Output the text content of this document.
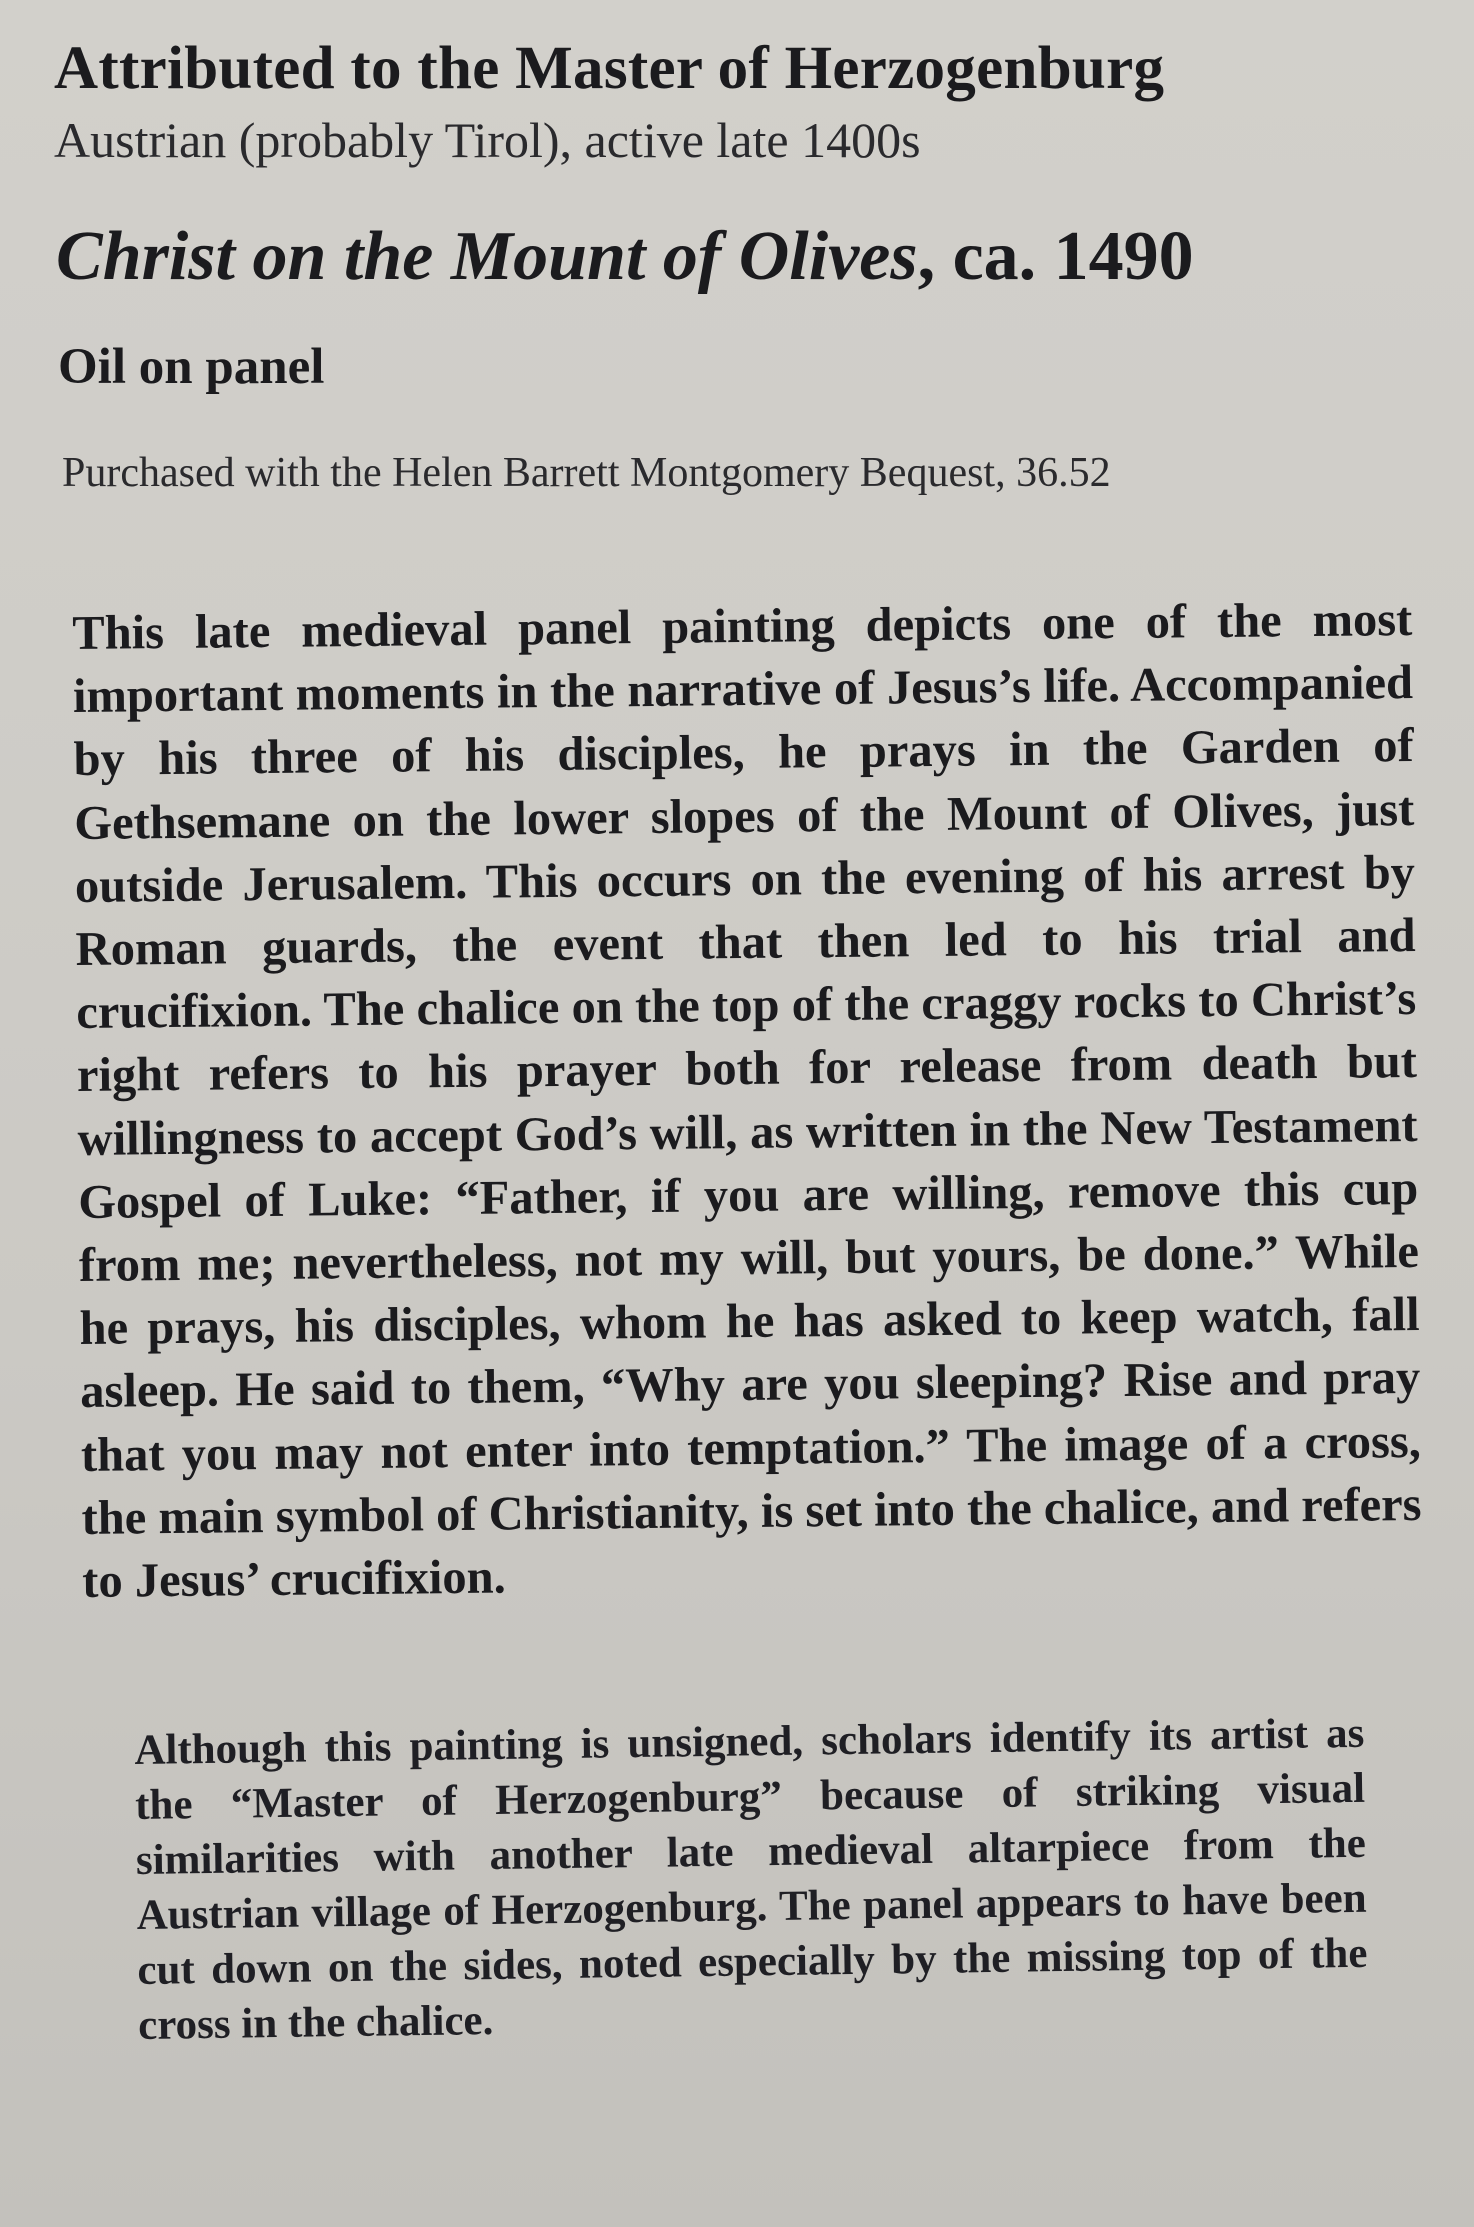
Attributed to the Master of Herzogenburg

Austrian (probably Tirol), active late 1400s

Christ on the Mount of Olives, ca. 1490

Oil on panel

Purchased with the Helen Barrett Montgomery Bequest, 36.52

This late medieval panel painting depicts one of the most important moments in the narrative of Jesus’s life. Accompanied by his three of his disciples, he prays in the Garden of Gethsemane on the lower slopes of the Mount of Olives, just outside Jerusalem. This occurs on the evening of his arrest by Roman guards, the event that then led to his trial and crucifixion. The chalice on the top of the craggy rocks to Christ’s right refers to his prayer both for release from death but willingness to accept God’s will, as written in the New Testament Gospel of Luke: “Father, if you are willing, remove this cup from me; nevertheless, not my will, but yours, be done.” While he prays, his disciples, whom he has asked to keep watch, fall asleep. He said to them, “Why are you sleeping? Rise and pray that you may not enter into temptation.” The image of a cross, the main symbol of Christianity, is set into the chalice, and refers to Jesus’ crucifixion.

Although this painting is unsigned, scholars identify its artist as the “Master of Herzogenburg” because of striking visual similarities with another late medieval altarpiece from the Austrian village of Herzogenburg. The panel appears to have been cut down on the sides, noted especially by the missing top of the cross in the chalice.
